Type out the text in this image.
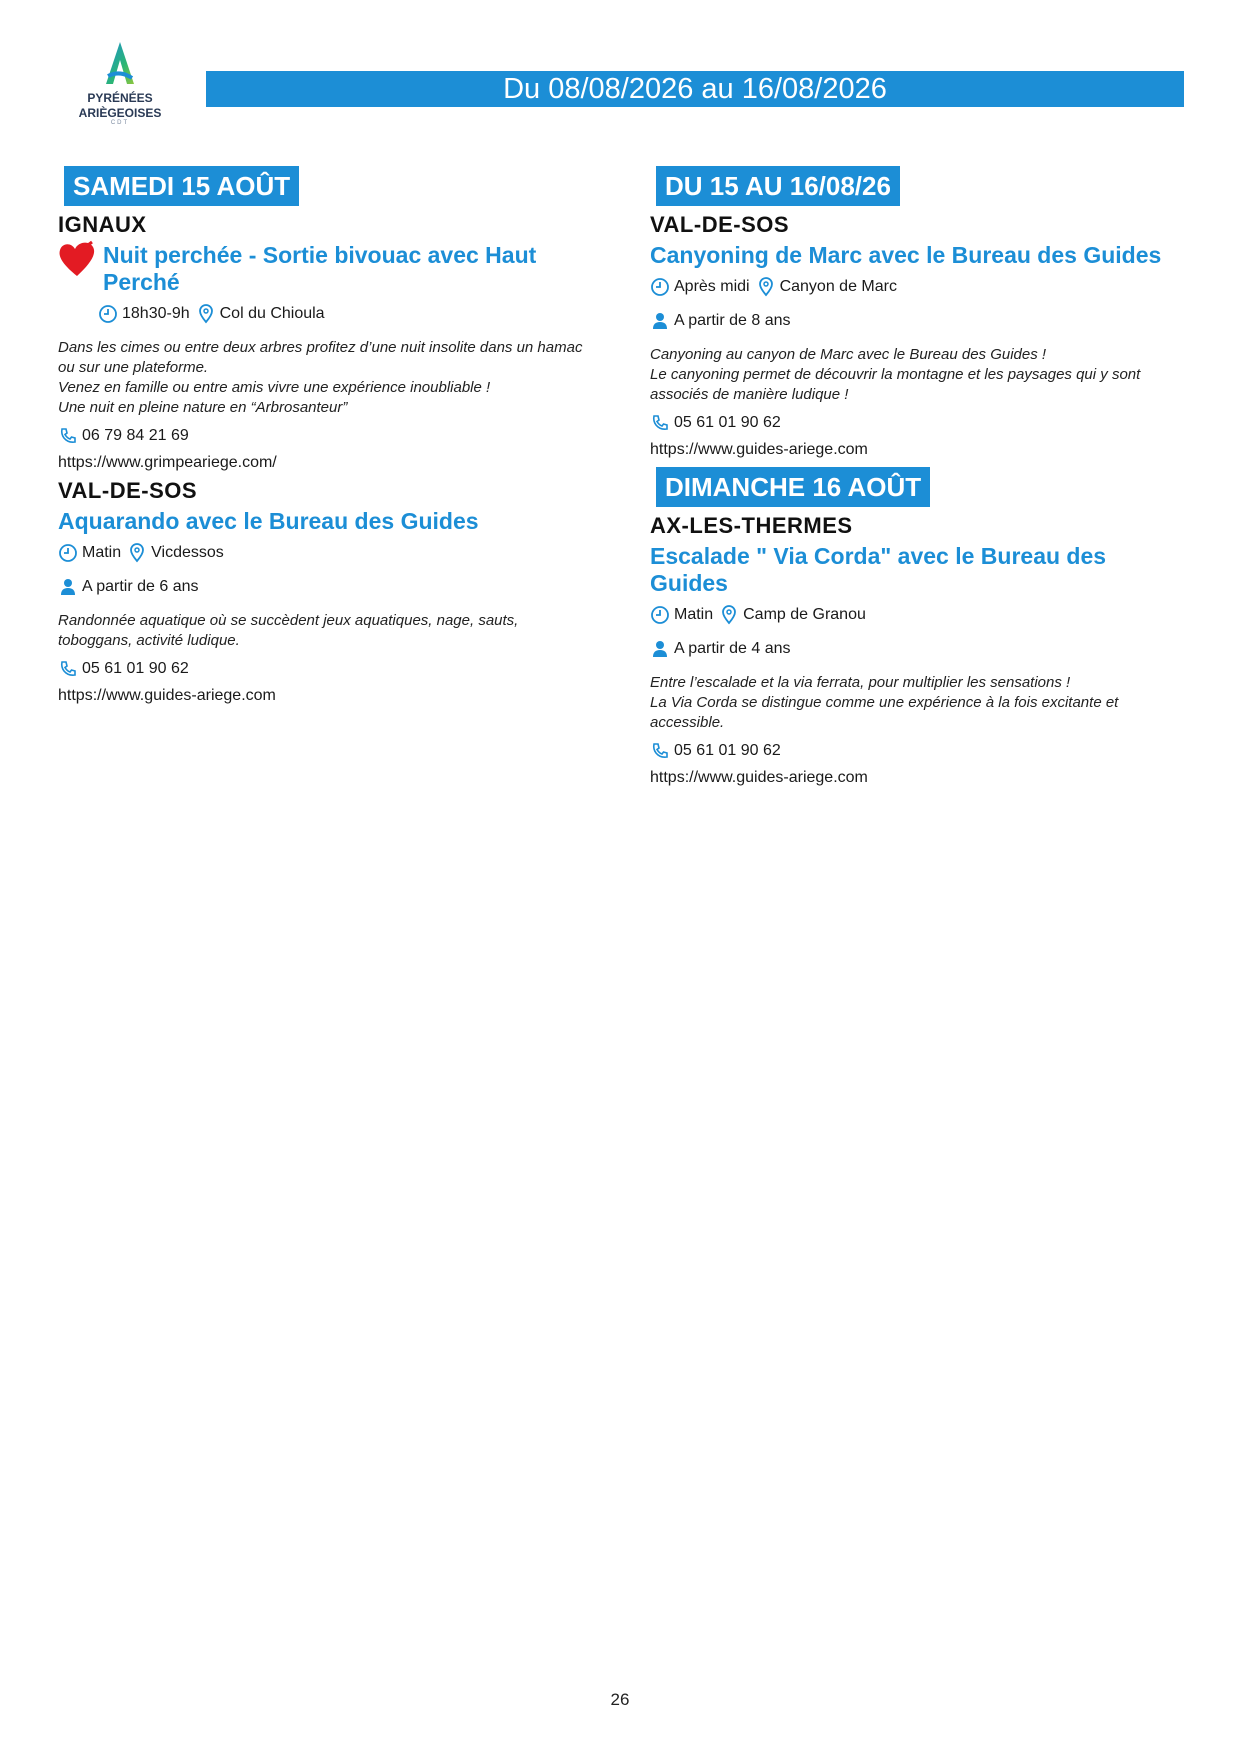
PYRÉNÉES
ARIÈGEOISES
CDT
Du 08/08/2026 au 16/08/2026
SAMEDI 15 AOÛT
IGNAUX
Nuit perchée - Sortie bivouac avec Haut Perché
18h30-9h Col du Chioula
Dans les cimes ou entre deux arbres profitez d’une nuit insolite dans un hamac
ou sur une plateforme.
Venez en famille ou entre amis vivre une expérience inoubliable !
Une nuit en pleine nature en “Arbrosanteur”
06 79 84 21 69
https://www.grimpeariege.com/
VAL-DE-SOS
Aquarando avec le Bureau des Guides
Matin Vicdessos
A partir de 6 ans
Randonnée aquatique où se succèdent jeux aquatiques, nage, sauts,
toboggans, activité ludique.
05 61 01 90 62
https://www.guides-ariege.com
DU 15 AU 16/08/26
VAL-DE-SOS
Canyoning de Marc avec le Bureau des Guides
Après midi Canyon de Marc
A partir de 8 ans
Canyoning au canyon de Marc avec le Bureau des Guides !
Le canyoning permet de découvrir la montagne et les paysages qui y sont
associés de manière ludique !
05 61 01 90 62
https://www.guides-ariege.com
DIMANCHE 16 AOÛT
AX-LES-THERMES
Escalade " Via Corda" avec le Bureau des Guides
Matin Camp de Granou
A partir de 4 ans
Entre l’escalade et la via ferrata, pour multiplier les sensations !
La Via Corda se distingue comme une expérience à la fois excitante et
accessible.
05 61 01 90 62
https://www.guides-ariege.com
26
